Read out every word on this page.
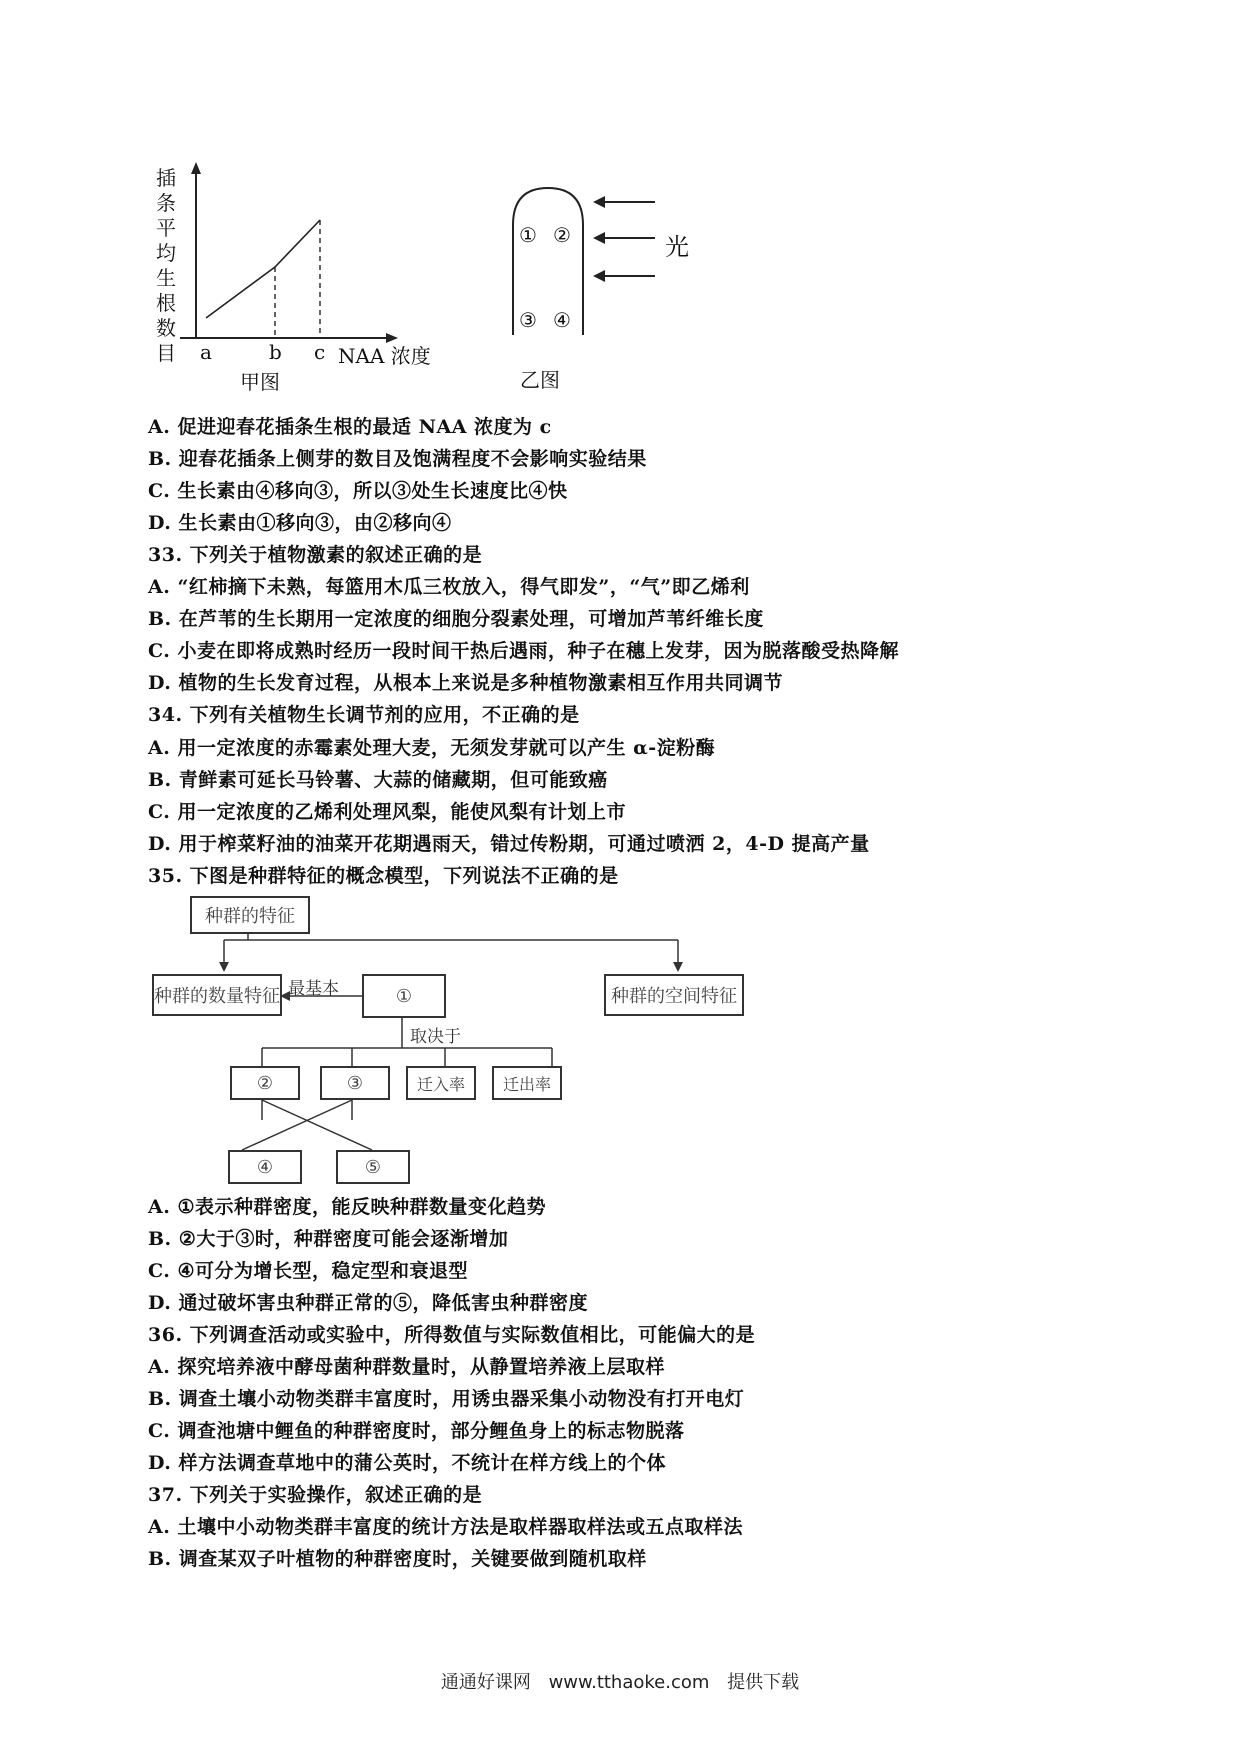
插
条
平
均
生
根
数
目 a	b c NAA 浓度
甲图
① ②
③ ④
光
乙图
A. 促进迎春花插条生根的最适 NAA 浓度为 c
B. 迎春花插条上侧芽的数目及饱满程度不会影响实验结果
C. 生长素由④移向③，所以③处生长速度比④快
D. 生长素由①移向③，由②移向④
33. 下列关于植物激素的叙述正确的是
A. “红柿摘下未熟，每篮用木瓜三枚放入，得气即发”，“气”即乙烯利
B. 在芦苇的生长期用一定浓度的细胞分裂素处理，可增加芦苇纤维长度
C. 小麦在即将成熟时经历一段时间干热后遇雨，种子在穗上发芽，因为脱落酸受热降解
D. 植物的生长发育过程，从根本上来说是多种植物激素相互作用共同调节
34. 下列有关植物生长调节剂的应用，不正确的是
A. 用一定浓度的赤霉素处理大麦，无须发芽就可以产生 α-淀粉酶
B. 青鲜素可延长马铃薯、大蒜的储藏期，但可能致癌
C. 用一定浓度的乙烯利处理风梨，能使风梨有计划上市
D. 用于榨菜籽油的油菜开花期遇雨天，错过传粉期，可通过喷洒 2，4-D 提高产量
35. 下图是种群特征的概念模型，下列说法不正确的是
种群的特征
种群的数量特征	种群的空间特征
最基本	①
取决于
②	③	迁入率	迁出率
④	⑤
A. ①表示种群密度，能反映种群数量变化趋势
B. ②大于③时，种群密度可能会逐渐增加
C. ④可分为增长型，稳定型和衰退型
D. 通过破坏害虫种群正常的⑤，降低害虫种群密度
36. 下列调查活动或实验中，所得数值与实际数值相比，可能偏大的是
A. 探究培养液中酵母菌种群数量时，从静置培养液上层取样
B. 调查土壤小动物类群丰富度时，用诱虫器采集小动物没有打开电灯
C. 调查池塘中鲤鱼的种群密度时，部分鲤鱼身上的标志物脱落
D. 样方法调查草地中的蒲公英时，不统计在样方线上的个体
37. 下列关于实验操作，叙述正确的是
A. 土壤中小动物类群丰富度的统计方法是取样器取样法或五点取样法
B. 调查某双子叶植物的种群密度时，关键要做到随机取样
通通好课网 www.tthaoke.com 提供下载
